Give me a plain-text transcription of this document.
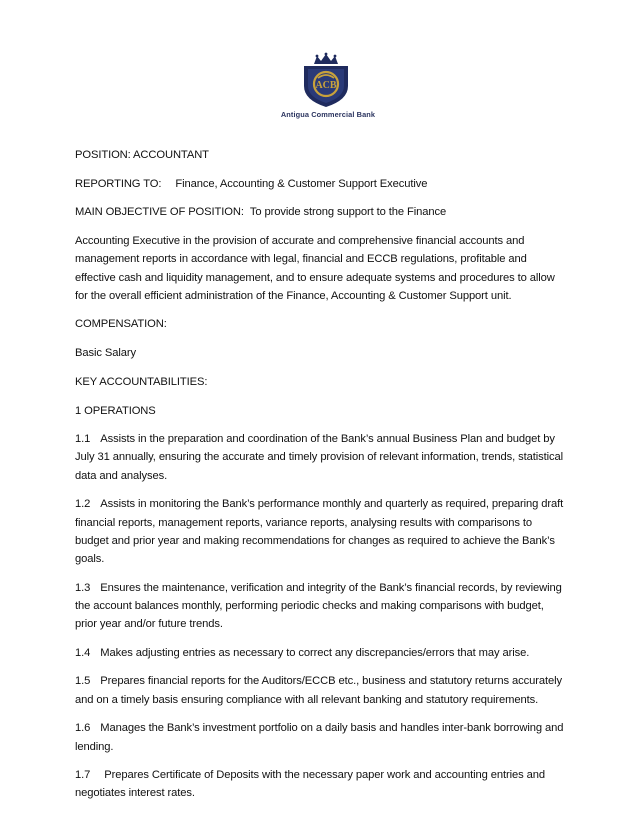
ACB
Antigua Commercial Bank

POSITION: ACCOUNTANT

REPORTING TO: Finance, Accounting & Customer Support Executive

MAIN OBJECTIVE OF POSITION: To provide strong support to the Finance

Accounting Executive in the provision of accurate and comprehensive financial accounts and management reports in accordance with legal, financial and ECCB regulations, profitable and effective cash and liquidity management, and to ensure adequate systems and procedures to allow for the overall efficient administration of the Finance, Accounting & Customer Support unit.

COMPENSATION:

Basic Salary

KEY ACCOUNTABILITIES:

1 OPERATIONS

1.1 Assists in the preparation and coordination of the Bank’s annual Business Plan and budget by July 31 annually, ensuring the accurate and timely provision of relevant information, trends, statistical data and analyses.

1.2 Assists in monitoring the Bank’s performance monthly and quarterly as required, preparing draft financial reports, management reports, variance reports, analysing results with comparisons to budget and prior year and making recommendations for changes as required to achieve the Bank’s goals.

1.3 Ensures the maintenance, verification and integrity of the Bank’s financial records, by reviewing the account balances monthly, performing periodic checks and making comparisons with budget, prior year and/or future trends.

1.4 Makes adjusting entries as necessary to correct any discrepancies/errors that may arise.

1.5 Prepares financial reports for the Auditors/ECCB etc., business and statutory returns accurately and on a timely basis ensuring compliance with all relevant banking and statutory requirements.

1.6 Manages the Bank’s investment portfolio on a daily basis and handles inter-bank borrowing and lending.

1.7 Prepares Certificate of Deposits with the necessary paper work and accounting entries and negotiates interest rates.
